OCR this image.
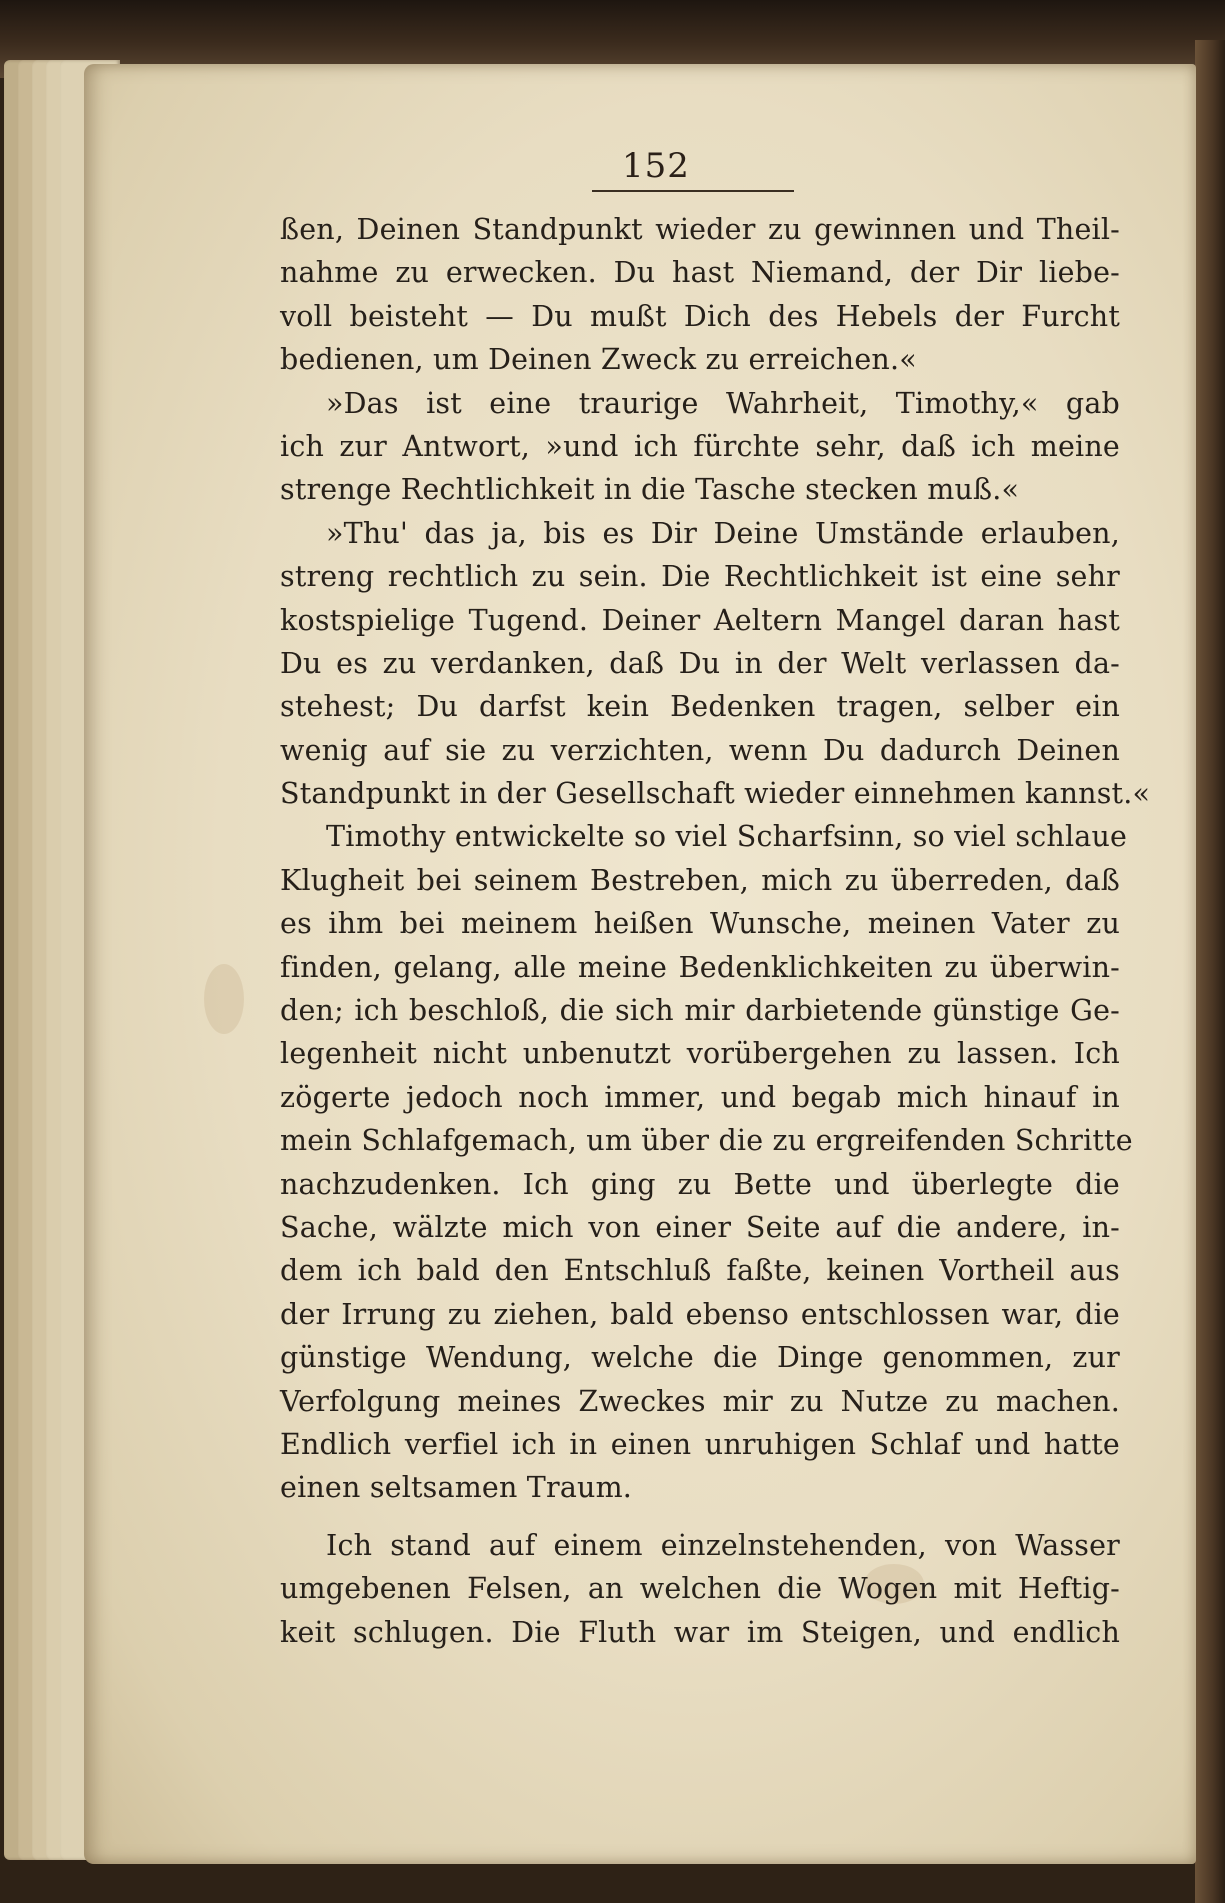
152
ßen, Deinen Standpunkt wieder zu gewinnen und Theil-
nahme zu erwecken. Du hast Niemand, der Dir liebe-
voll beisteht — Du mußt Dich des Hebels der Furcht
bedienen, um Deinen Zweck zu erreichen.«
»Das ist eine traurige Wahrheit, Timothy,« gab
ich zur Antwort, »und ich fürchte sehr, daß ich meine
strenge Rechtlichkeit in die Tasche stecken muß.«
»Thu' das ja, bis es Dir Deine Umstände erlauben,
streng rechtlich zu sein. Die Rechtlichkeit ist eine sehr
kostspielige Tugend. Deiner Aeltern Mangel daran hast
Du es zu verdanken, daß Du in der Welt verlassen da-
stehest; Du darfst kein Bedenken tragen, selber ein
wenig auf sie zu verzichten, wenn Du dadurch Deinen
Standpunkt in der Gesellschaft wieder einnehmen kannst.«
Timothy entwickelte so viel Scharfsinn, so viel schlaue
Klugheit bei seinem Bestreben, mich zu überreden, daß
es ihm bei meinem heißen Wunsche, meinen Vater zu
finden, gelang, alle meine Bedenklichkeiten zu überwin-
den; ich beschloß, die sich mir darbietende günstige Ge-
legenheit nicht unbenutzt vorübergehen zu lassen. Ich
zögerte jedoch noch immer, und begab mich hinauf in
mein Schlafgemach, um über die zu ergreifenden Schritte
nachzudenken. Ich ging zu Bette und überlegte die
Sache, wälzte mich von einer Seite auf die andere, in-
dem ich bald den Entschluß faßte, keinen Vortheil aus
der Irrung zu ziehen, bald ebenso entschlossen war, die
günstige Wendung, welche die Dinge genommen, zur
Verfolgung meines Zweckes mir zu Nutze zu machen.
Endlich verfiel ich in einen unruhigen Schlaf und hatte
einen seltsamen Traum.
Ich stand auf einem einzelnstehenden, von Wasser
umgebenen Felsen, an welchen die Wogen mit Heftig-
keit schlugen. Die Fluth war im Steigen, und endlich
